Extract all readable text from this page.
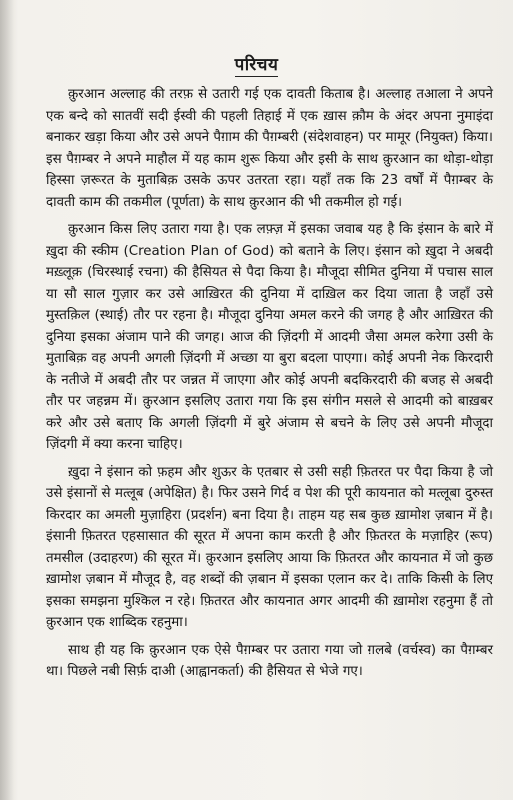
परिचय

क़ुरआन अल्लाह की तरफ़ से उतारी गई एक दावती किताब है। अल्लाह तआला ने अपने एक बन्दे को सातवीं सदी ईस्वी की पहली तिहाई में एक ख़ास क़ौम के अंदर अपना नुमाइंदा बनाकर खड़ा किया और उसे अपने पैग़ाम की पैग़म्बरी (संदेशवाहन) पर मामूर (नियुक्त) किया। इस पैग़म्बर ने अपने माहौल में यह काम शुरू किया और इसी के साथ क़ुरआन का थोड़ा-थोड़ा हिस्सा ज़रूरत के मुताबिक़ उसके ऊपर उतरता रहा। यहाँ तक कि 23 वर्षों में पैग़म्बर के दावती काम की तकमील (पूर्णता) के साथ क़ुरआन की भी तकमील हो गई।

क़ुरआन किस लिए उतारा गया है। एक लफ़्ज़ में इसका जवाब यह है कि इंसान के बारे में ख़ुदा की स्कीम (Creation Plan of God) को बताने के लिए। इंसान को ख़ुदा ने अबदी मख़्लूक़ (चिरस्थाई रचना) की हैसियत से पैदा किया है। मौजूदा सीमित दुनिया में पचास साल या सौ साल गुज़ार कर उसे आख़िरत की दुनिया में दाख़िल कर दिया जाता है जहाँ उसे मुस्तक़िल (स्थाई) तौर पर रहना है। मौजूदा दुनिया अमल करने की जगह है और आख़िरत की दुनिया इसका अंजाम पाने की जगह। आज की ज़िंदगी में आदमी जैसा अमल करेगा उसी के मुताबिक़ वह अपनी अगली ज़िंदगी में अच्छा या बुरा बदला पाएगा। कोई अपनी नेक किरदारी के नतीजे में अबदी तौर पर जन्नत में जाएगा और कोई अपनी बदकिरदारी की बजह से अबदी तौर पर जहन्नम में। क़ुरआन इसलिए उतारा गया कि इस संगीन मसले से आदमी को बाख़बर करे और उसे बताए कि अगली ज़िंदगी में बुरे अंजाम से बचने के लिए उसे अपनी मौजूदा ज़िंदगी में क्या करना चाहिए।

ख़ुदा ने इंसान को फ़हम और शुऊर के एतबार से उसी सही फ़ितरत पर पैदा किया है जो उसे इंसानों से मत्लूब (अपेक्षित) है। फिर उसने गिर्द व पेश की पूरी कायनात को मत्लूबा दुरुस्त किरदार का अमली मुज़ाहिरा (प्रदर्शन) बना दिया है। ताहम यह सब कुछ ख़ामोश ज़बान में है। इंसानी फ़ितरत एहसासात की सूरत में अपना काम करती है और फ़ितरत के मज़ाहिर (रूप) तमसील (उदाहरण) की सूरत में। क़ुरआन इसलिए आया कि फ़ितरत और कायनात में जो कुछ ख़ामोश ज़बान में मौजूद है, वह शब्दों की ज़बान में इसका एलान कर दे। ताकि किसी के लिए इसका समझना मुश्किल न रहे। फ़ितरत और कायनात अगर आदमी की ख़ामोश रहनुमा हैं तो क़ुरआन एक शाब्दिक रहनुमा।

साथ ही यह कि क़ुरआन एक ऐसे पैग़म्बर पर उतारा गया जो ग़लबे (वर्चस्व) का पैग़म्बर था। पिछले नबी सिर्फ़ दाअी (आह्वानकर्ता) की हैसियत से भेजे गए।
